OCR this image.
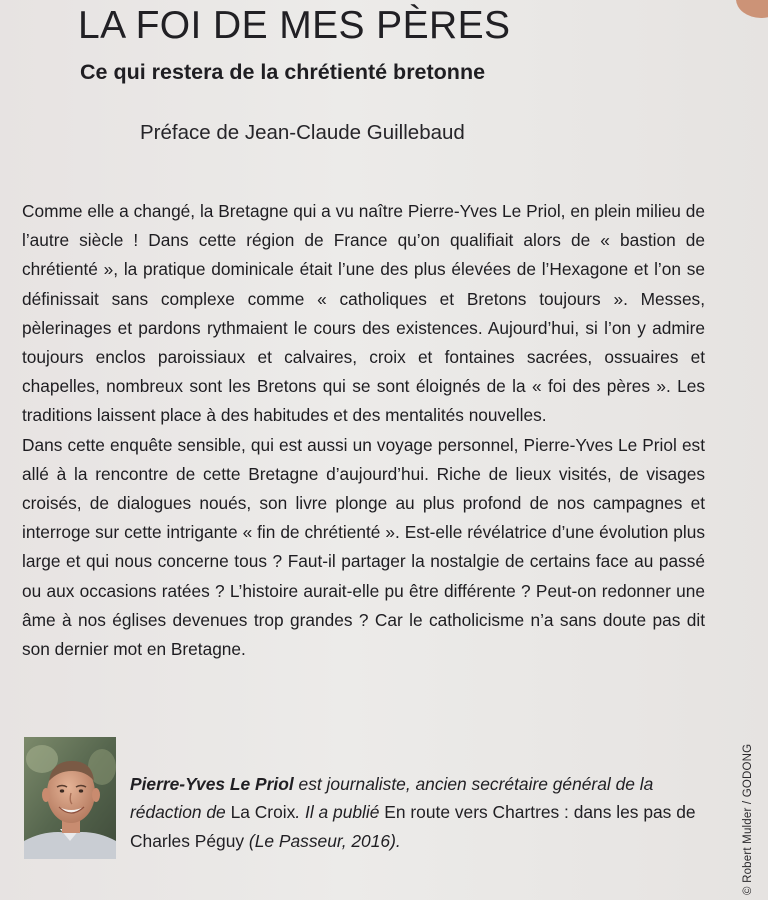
LA FOI DE MES PÈRES
Ce qui restera de la chrétienté bretonne

Préface de Jean-Claude Guillebaud

Comme elle a changé, la Bretagne qui a vu naître Pierre-Yves Le Priol, en plein milieu de l’autre siècle ! Dans cette région de France qu’on qualifiait alors de « bastion de chrétienté », la pratique dominicale était l’une des plus élevées de l’Hexagone et l’on se définissait sans complexe comme « catholiques et Bretons toujours ». Messes, pèlerinages et pardons rythmaient le cours des existences. Aujourd’hui, si l’on y admire toujours enclos paroissiaux et calvaires, croix et fontaines sacrées, ossuaires et chapelles, nombreux sont les Bretons qui se sont éloignés de la « foi des pères ». Les traditions laissent place à des habitudes et des mentalités nouvelles.

Dans cette enquête sensible, qui est aussi un voyage personnel, Pierre-Yves Le Priol est allé à la rencontre de cette Bretagne d’aujourd’hui. Riche de lieux visités, de visages croisés, de dialogues noués, son livre plonge au plus profond de nos campagnes et interroge sur cette intrigante « fin de chrétienté ». Est-elle révélatrice d’une évolution plus large et qui nous concerne tous ? Faut-il partager la nostalgie de certains face au passé ou aux occasions ratées ? L’histoire aurait-elle pu être différente ? Peut-on redonner une âme à nos églises devenues trop grandes ? Car le catholicisme n’a sans doute pas dit son dernier mot en Bretagne.

Pierre-Yves Le Priol est journaliste, ancien secrétaire général de la rédaction de La Croix. Il a publié En route vers Chartres : dans les pas de Charles Péguy (Le Passeur, 2016).	© Robert Mulder / GODONG
